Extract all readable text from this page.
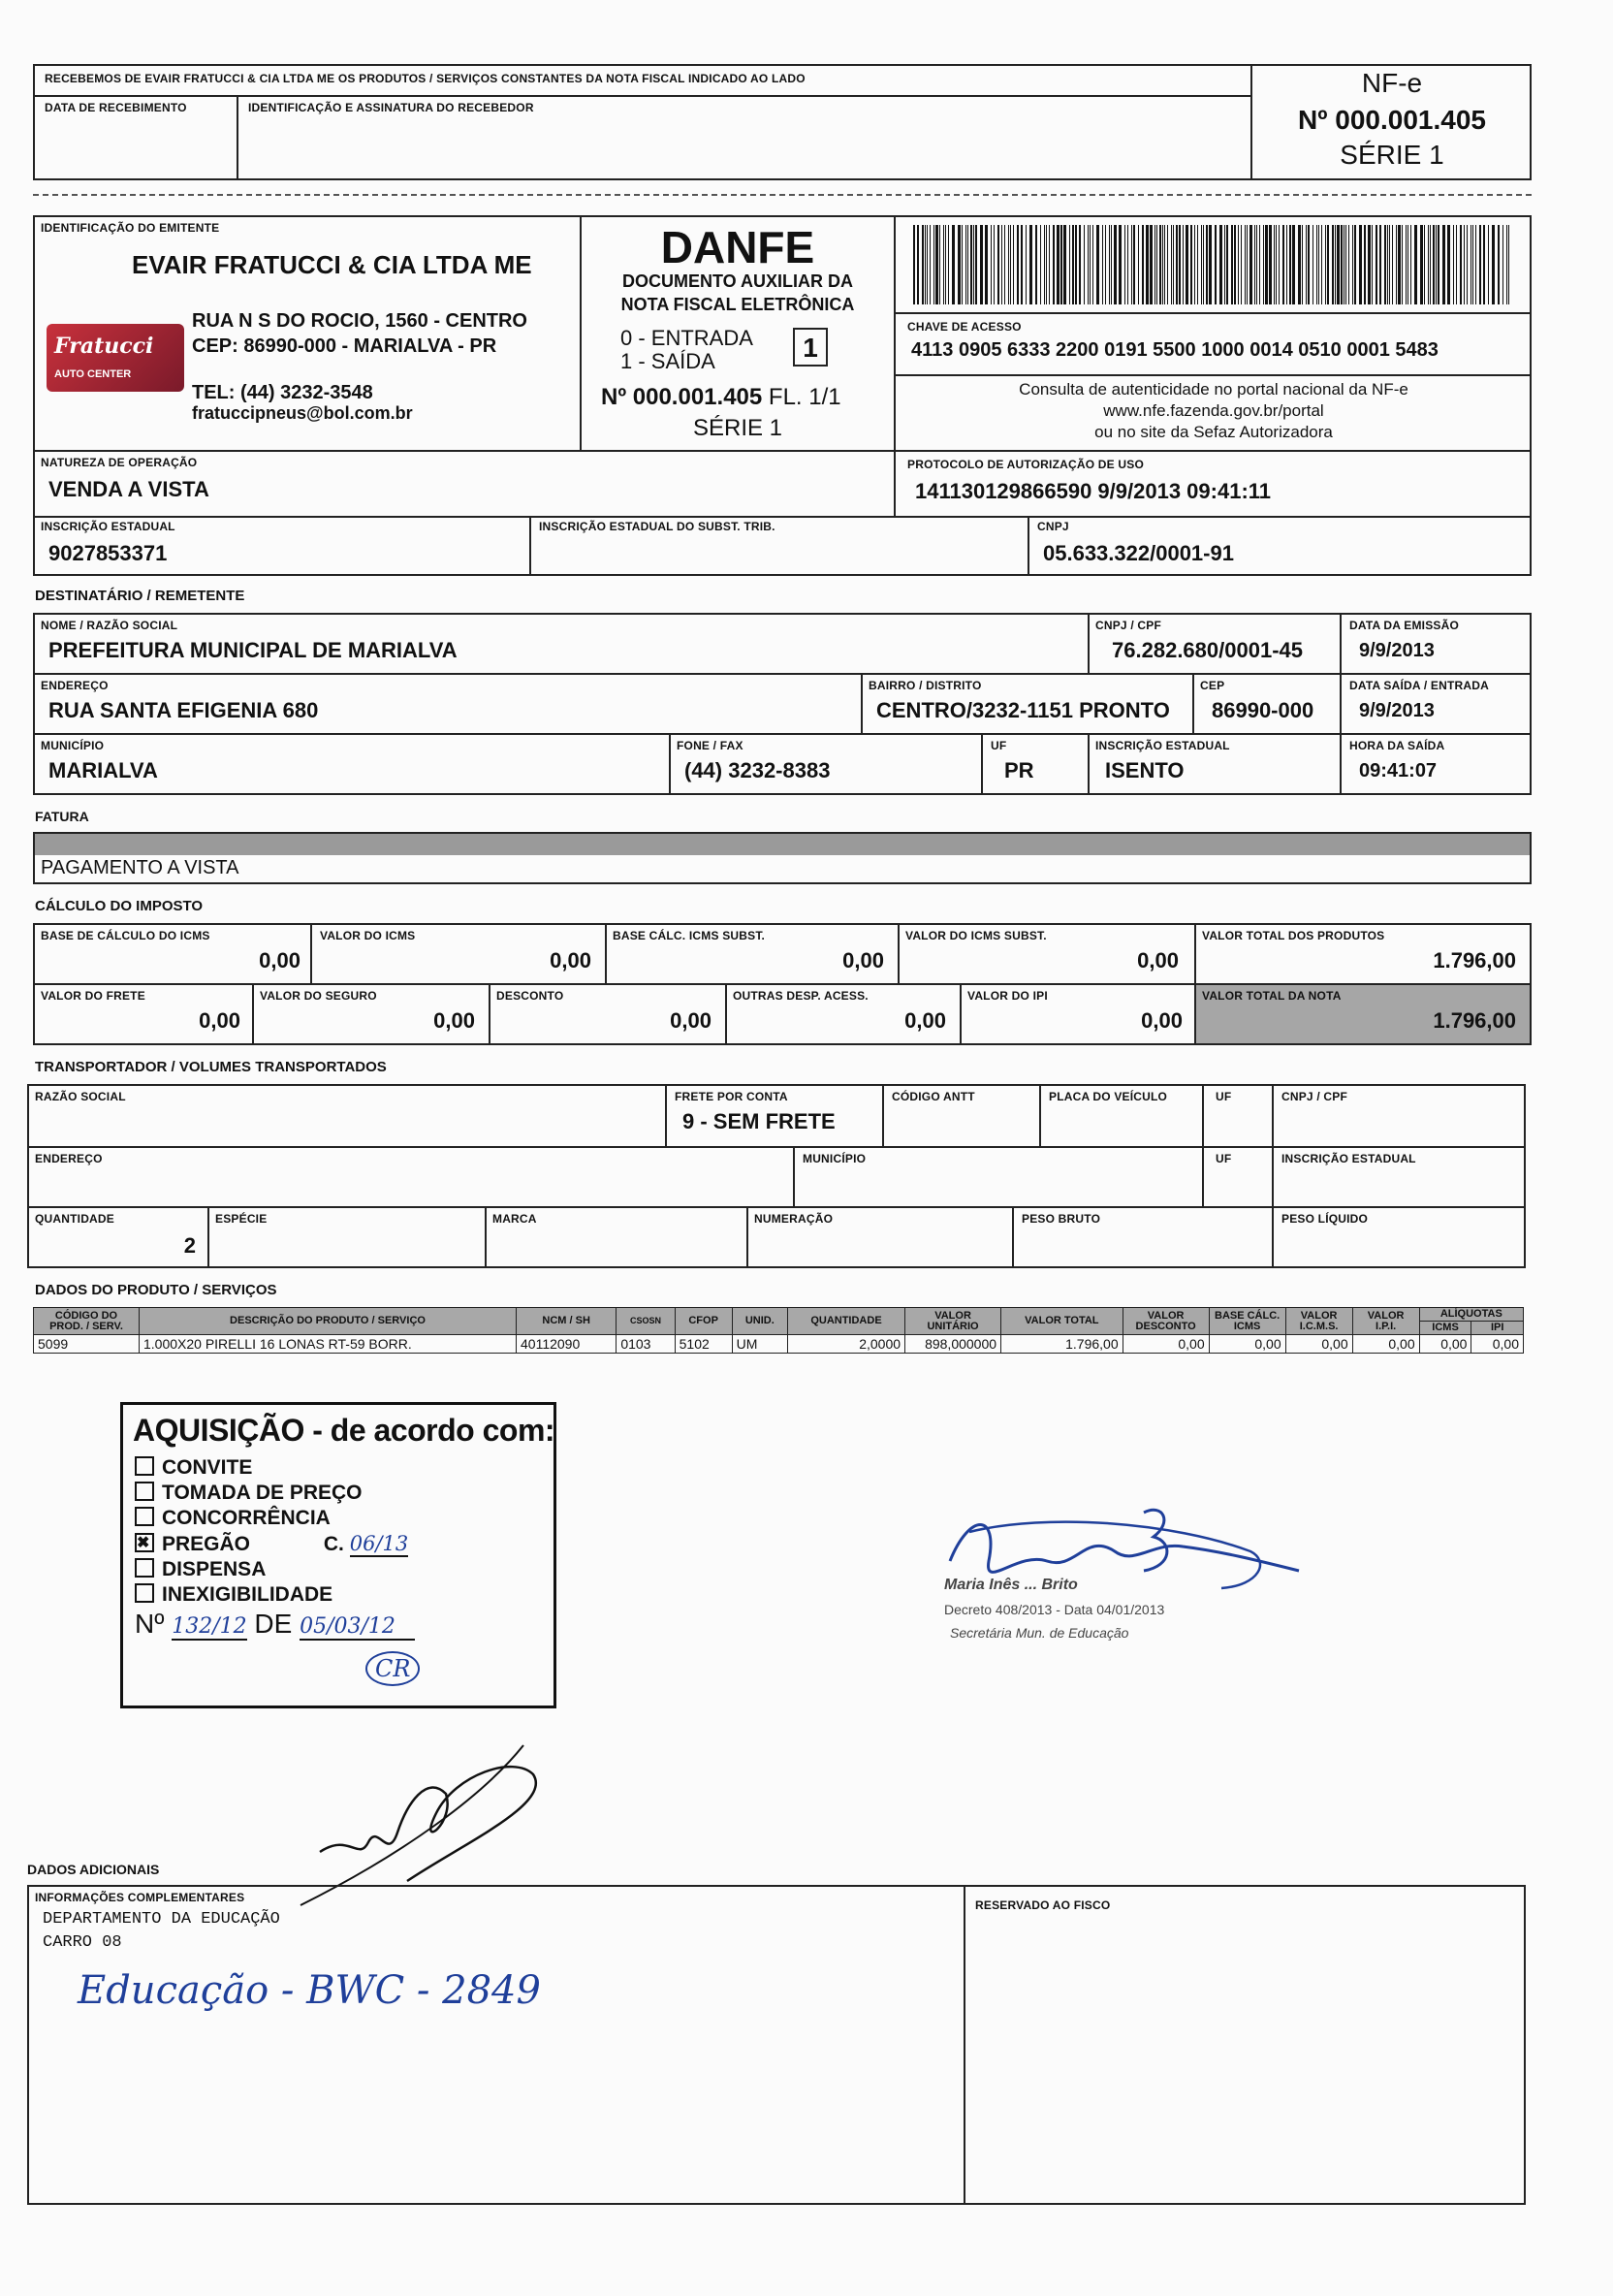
RECEBEMOS DE EVAIR FRATUCCI & CIA LTDA ME OS PRODUTOS / SERVIÇOS CONSTANTES DA NOTA FISCAL INDICADO AO LADO
DATA DE RECEBIMENTO	IDENTIFICAÇÃO E ASSINATURA DO RECEBEDOR
NF-e
Nº 000.001.405
SÉRIE 1
IDENTIFICAÇÃO DO EMITENTE
EVAIR FRATUCCI & CIA LTDA ME
RUA N S DO ROCIO, 1560 - CENTRO
CEP: 86990-000 - MARIALVA - PR
TEL: (44) 3232-3548
fratuccipneus@bol.com.br
Fratucci
AUTO CENTER
DANFE
DOCUMENTO AUXILIAR DA
NOTA FISCAL ELETRÔNICA
0 - ENTRADA
1 - SAÍDA	1
Nº 000.001.405 FL. 1/1
SÉRIE 1
CHAVE DE ACESSO
4113 0905 6333 2200 0191 5500 1000 0014 0510 0001 5483
Consulta de autenticidade no portal nacional da NF-e
www.nfe.fazenda.gov.br/portal
ou no site da Sefaz Autorizadora
NATUREZA DE OPERAÇÃO
VENDA A VISTA
PROTOCOLO DE AUTORIZAÇÃO DE USO
141130129866590 9/9/2013 09:41:11
INSCRIÇÃO ESTADUAL
9027853371
INSCRIÇÃO ESTADUAL DO SUBST. TRIB.	CNPJ
05.633.322/0001-91
DESTINATÁRIO / REMETENTE
NOME / RAZÃO SOCIAL
PREFEITURA MUNICIPAL DE MARIALVA
CNPJ / CPF
76.282.680/0001-45
DATA DA EMISSÃO
9/9/2013
ENDEREÇO
RUA SANTA EFIGENIA 680
BAIRRO / DISTRITO
CENTRO/3232-1151 PRONTO
CEP
86990-000
DATA SAÍDA / ENTRADA
9/9/2013
MUNICÍPIO
MARIALVA
FONE / FAX
(44) 3232-8383
UF
PR
INSCRIÇÃO ESTADUAL
ISENTO
HORA DA SAÍDA
09:41:07
FATURA
PAGAMENTO A VISTA
CÁLCULO DO IMPOSTO
BASE DE CÁLCULO DO ICMS
0,00
VALOR DO ICMS
0,00
BASE CÁLC. ICMS SUBST.
0,00
VALOR DO ICMS SUBST.
0,00
VALOR TOTAL DOS PRODUTOS
1.796,00
VALOR DO FRETE
0,00
VALOR DO SEGURO
0,00
DESCONTO
0,00
OUTRAS DESP. ACESS.
0,00
VALOR DO IPI
0,00
VALOR TOTAL DA NOTA
1.796,00
TRANSPORTADOR / VOLUMES TRANSPORTADOS
RAZÃO SOCIAL	FRETE POR CONTA
9 - SEM FRETE
CÓDIGO ANTT	PLACA DO VEÍCULO	UF	CNPJ / CPF
ENDEREÇO	MUNICÍPIO	UF	INSCRIÇÃO ESTADUAL
QUANTIDADE
2
ESPÉCIE	MARCA	NUMERAÇÃO	PESO BRUTO	PESO LÍQUIDO
DADOS DO PRODUTO / SERVIÇOS
CÓDIGO DO PROD. / SERV.	DESCRIÇÃO DO PRODUTO / SERVIÇO	NCM / SH	CSOSN	CFOP	UNID.	QUANTIDADE	VALOR UNITÁRIO	VALOR TOTAL	VALOR DESCONTO	BASE CÁLC. ICMS	VALOR I.C.M.S.	VALOR I.P.I.	ALÍQUOTAS	
													ICMS	IPI
5099	1.000X20 PIRELLI 16 LONAS RT-59 BORR.	40112090	0103	5102	UM	2,0000	898,000000	1.796,00	0,00	0,00	0,00	0,00	0,00	0,00
AQUISIÇÃO - de acordo com:
CONVITE
TOMADA DE PREÇO
CONCORRÊNCIA
✖PREGÃO	C. 06/13
DISPENSA
INEXIGIBILIDADE
Nº 132/12 DE 05/03/12
CR
Maria Inês ... Brito
Decreto 408/2013 - Data 04/01/2013
Secretária Mun. de Educação
DADOS ADICIONAIS
INFORMAÇÕES COMPLEMENTARES
DEPARTAMENTO DA EDUCAÇÃO
CARRO 08
Educação - BWC - 2849
RESERVADO AO FISCO
